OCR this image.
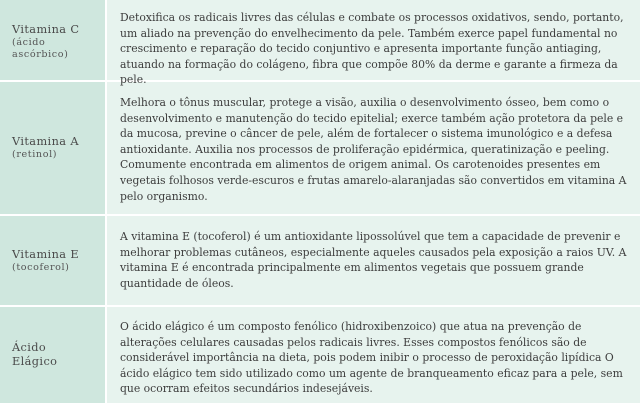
Vitamina C
(ácido
ascórbico)
Detoxifica os radicais livres das células e combate os processos oxidativos, sendo, portanto, um aliado na prevenção do envelhecimento da pele. Também exerce papel fundamental no crescimento e reparação do tecido conjuntivo e apresenta importante função antiaging, atuando na formação do colágeno, fibra que compõe 80% da derme e garante a firmeza da pele.
Vitamina A
(retinol)
Melhora o tônus muscular, protege a visão, auxilia o desenvolvimento ósseo, bem como o desenvolvimento e manutenção do tecido epitelial; exerce também ação protetora da pele e da mucosa, previne o câncer de pele, além de fortalecer o sistema imunológico e a defesa antioxidante. Auxilia nos processos de proliferação epidérmica, queratinização e peeling. Comumente encontrada em alimentos de origem animal. Os carotenoides presentes em vegetais folhosos verde-escuros e frutas amarelo-alaranjadas são convertidos em vitamina A pelo organismo.
Vitamina E
(tocoferol)
A vitamina E (tocoferol) é um antioxidante lipossolúvel que tem a capacidade de prevenir e melhorar problemas cutâneos, especialmente aqueles causados pela exposição a raios UV. A vitamina E é encontrada principalmente em alimentos vegetais que possuem grande quantidade de óleos.
Ácido
Elágico
O ácido elágico é um composto fenólico (hidroxibenzoico) que atua na prevenção de alterações celulares causadas pelos radicais livres. Esses compostos fenólicos são de considerável importância na dieta, pois podem inibir o processo de peroxidação lipídica O ácido elágico tem sido utilizado como um agente de branqueamento eficaz para a pele, sem que ocorram efeitos secundários indesejáveis.
